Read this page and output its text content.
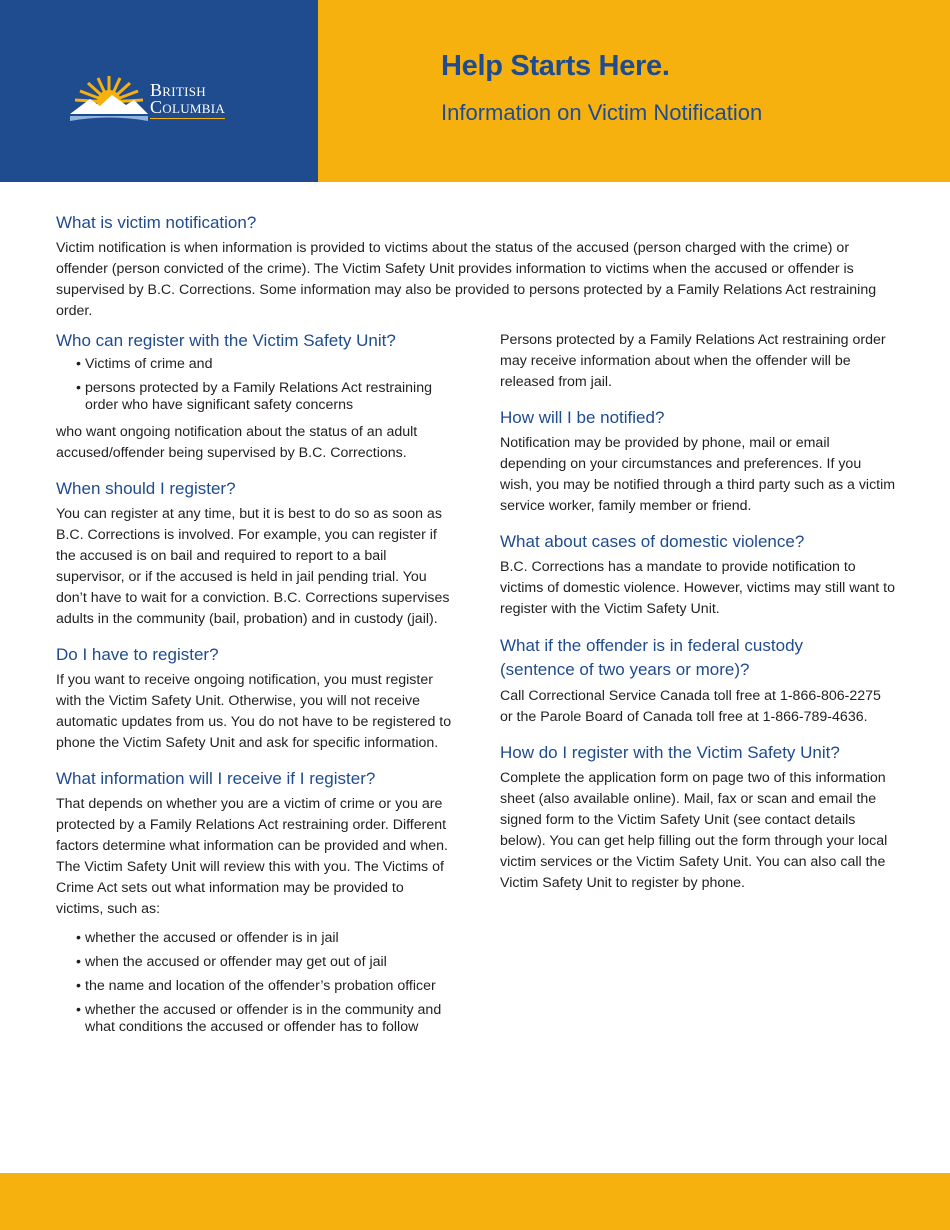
British
Columbia
Help Starts Here.
Information on Victim Notification
What is victim notification?

Victim notification is when information is provided to victims about the status of the accused (person charged with the crime) or offender (person convicted of the crime). The Victim Safety Unit provides information to victims when the accused or offender is supervised by B.C. Corrections. Some information may also be provided to persons protected by a Family Relations Act restraining order.

Who can register with the Victim Safety Unit?
• Victims of crime and
• persons protected by a Family Relations Act restraining order who have significant safety concerns

who want ongoing notification about the status of an adult accused/offender being supervised by B.C. Corrections.

When should I register?

You can register at any time, but it is best to do so as soon as B.C. Corrections is involved. For example, you can register if the accused is on bail and required to report to a bail supervisor, or if the accused is held in jail pending trial. You don’t have to wait for a conviction. B.C. Corrections supervises adults in the community (bail, probation) and in custody (jail).

Do I have to register?

If you want to receive ongoing notification, you must register with the Victim Safety Unit. Otherwise, you will not receive automatic updates from us. You do not have to be registered to phone the Victim Safety Unit and ask for specific information.

What information will I receive if I register?

That depends on whether you are a victim of crime or you are protected by a Family Relations Act restraining order. Different factors determine what information can be provided and when. The Victim Safety Unit will review this with you. The Victims of Crime Act sets out what information may be provided to victims, such as:

• whether the accused or offender is in jail
• when the accused or offender may get out of jail
• the name and location of the offender’s probation officer
• whether the accused or offender is in the community and what conditions the accused or offender has to follow

Persons protected by a Family Relations Act restraining order may receive information about when the offender will be released from jail.

How will I be notified?

Notification may be provided by phone, mail or email depending on your circumstances and preferences. If you wish, you may be notified through a third party such as a victim service worker, family member or friend.

What about cases of domestic violence?

B.C. Corrections has a mandate to provide notification to victims of domestic violence. However, victims may still want to register with the Victim Safety Unit.

What if the offender is in federal custody
(sentence of two years or more)?

Call Correctional Service Canada toll free at 1-866-806-2275 or the Parole Board of Canada toll free at 1-866-789-4636.

How do I register with the Victim Safety Unit?

Complete the application form on page two of this information sheet (also available online). Mail, fax or scan and email the signed form to the Victim Safety Unit (see contact details below). You can get help filling out the form through your local victim services or the Victim Safety Unit. You can also call the Victim Safety Unit to register by phone.
